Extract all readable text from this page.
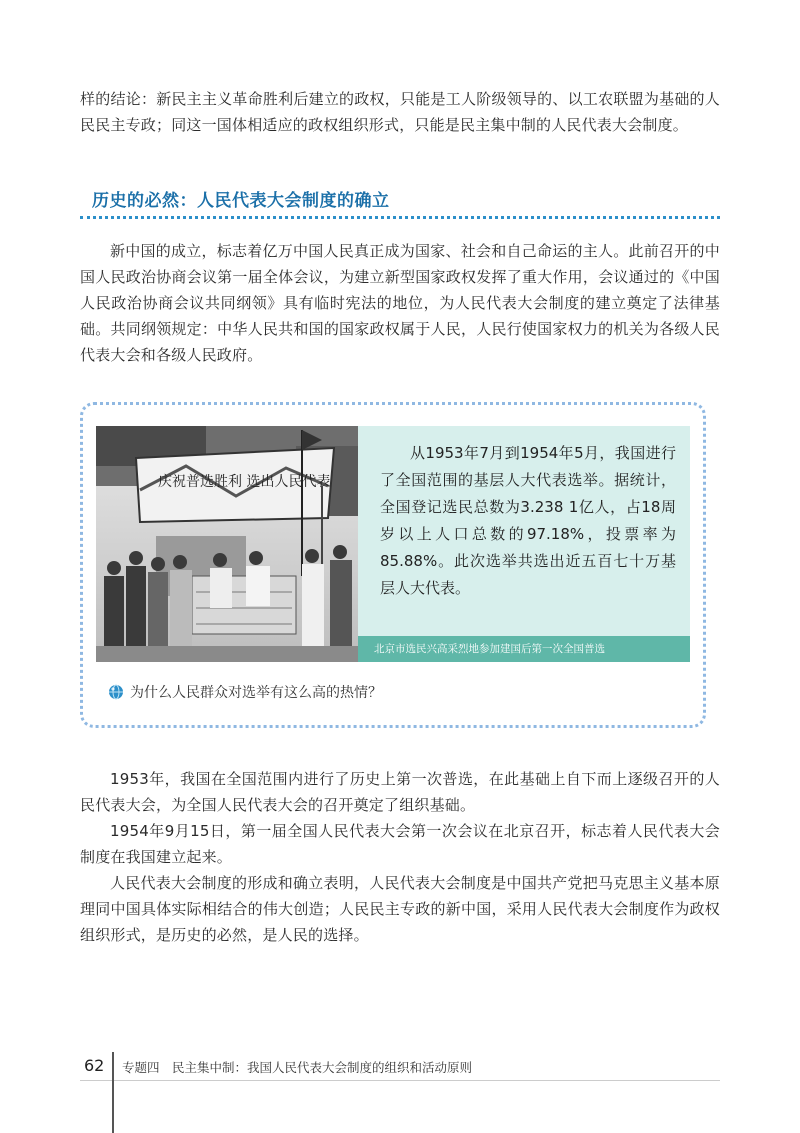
样的结论：新民主主义革命胜利后建立的政权，只能是工人阶级领导的、以工农联盟为基础的人民民主专政；同这一国体相适应的政权组织形式，只能是民主集中制的人民代表大会制度。

历史的必然：人民代表大会制度的确立

新中国的成立，标志着亿万中国人民真正成为国家、社会和自己命运的主人。此前召开的中国人民政治协商会议第一届全体会议，为建立新型国家政权发挥了重大作用，会议通过的《中国人民政治协商会议共同纲领》具有临时宪法的地位，为人民代表大会制度的建立奠定了法律基础。共同纲领规定：中华人民共和国的国家政权属于人民，人民行使国家权力的机关为各级人民代表大会和各级人民政府。

庆祝普选胜利 选出人民代表

从1953年7月到1954年5月，我国进行了全国范围的基层人大代表选举。据统计，全国登记选民总数为3.238 1亿人，占18周岁以上人口总数的97.18%，投票率为85.88%。此次选举共选出近五百七十万基层人大代表。

北京市选民兴高采烈地参加建国后第一次全国普选
为什么人民群众对选举有这么高的热情？

1953年，我国在全国范围内进行了历史上第一次普选，在此基础上自下而上逐级召开的人民代表大会，为全国人民代表大会的召开奠定了组织基础。

1954年9月15日，第一届全国人民代表大会第一次会议在北京召开，标志着人民代表大会制度在我国建立起来。

人民代表大会制度的形成和确立表明，人民代表大会制度是中国共产党把马克思主义基本原理同中国具体实际相结合的伟大创造；人民民主专政的新中国，采用人民代表大会制度作为政权组织形式，是历史的必然，是人民的选择。

62 专题四　民主集中制：我国人民代表大会制度的组织和活动原则
